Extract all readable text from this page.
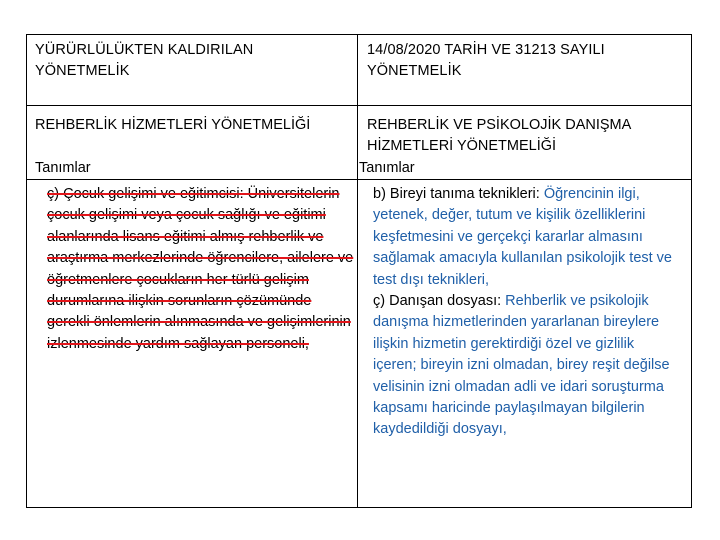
YÜRÜRLÜLÜKTEN KALDIRILAN YÖNETMELİK

14/08/2020 TARİH VE 31213 SAYILI YÖNETMELİK

REHBERLİK HİZMETLERİ YÖNETMELİĞİ	REHBERLİK VE PSİKOLOJİK DANIŞMA HİZMETLERİ YÖNETMELİĞİ

Tanımlar	Tanımlar

ç) Çocuk gelişimi ve eğitimcisi: Üniversitelerin çocuk gelişimi veya çocuk sağlığı ve eğitimi alanlarında lisans eğitimi almış rehberlik ve araştırma merkezlerinde öğrencilere, ailelere ve öğretmenlere çocukların her türlü gelişim durumlarına ilişkin sorunların çözümünde gerekli önlemlerin alınmasında ve gelişimlerinin izlenmesinde yardım sağlayan personeli,

b) Bireyi tanıma teknikleri: Öğrencinin ilgi, yetenek, değer, tutum ve kişilik özelliklerini keşfetmesini ve gerçekçi kararlar almasını sağlamak amacıyla kullanılan psikolojik test ve test dışı teknikleri,
ç) Danışan dosyası: Rehberlik ve psikolojik danışma hizmetlerinden yararlanan bireylere ilişkin hizmetin gerektirdiği özel ve gizlilik içeren; bireyin izni olmadan, birey reşit değilse velisinin izni olmadan adli ve idari soruşturma kapsamı haricinde paylaşılmayan bilgilerin kaydedildiği dosyayı,
